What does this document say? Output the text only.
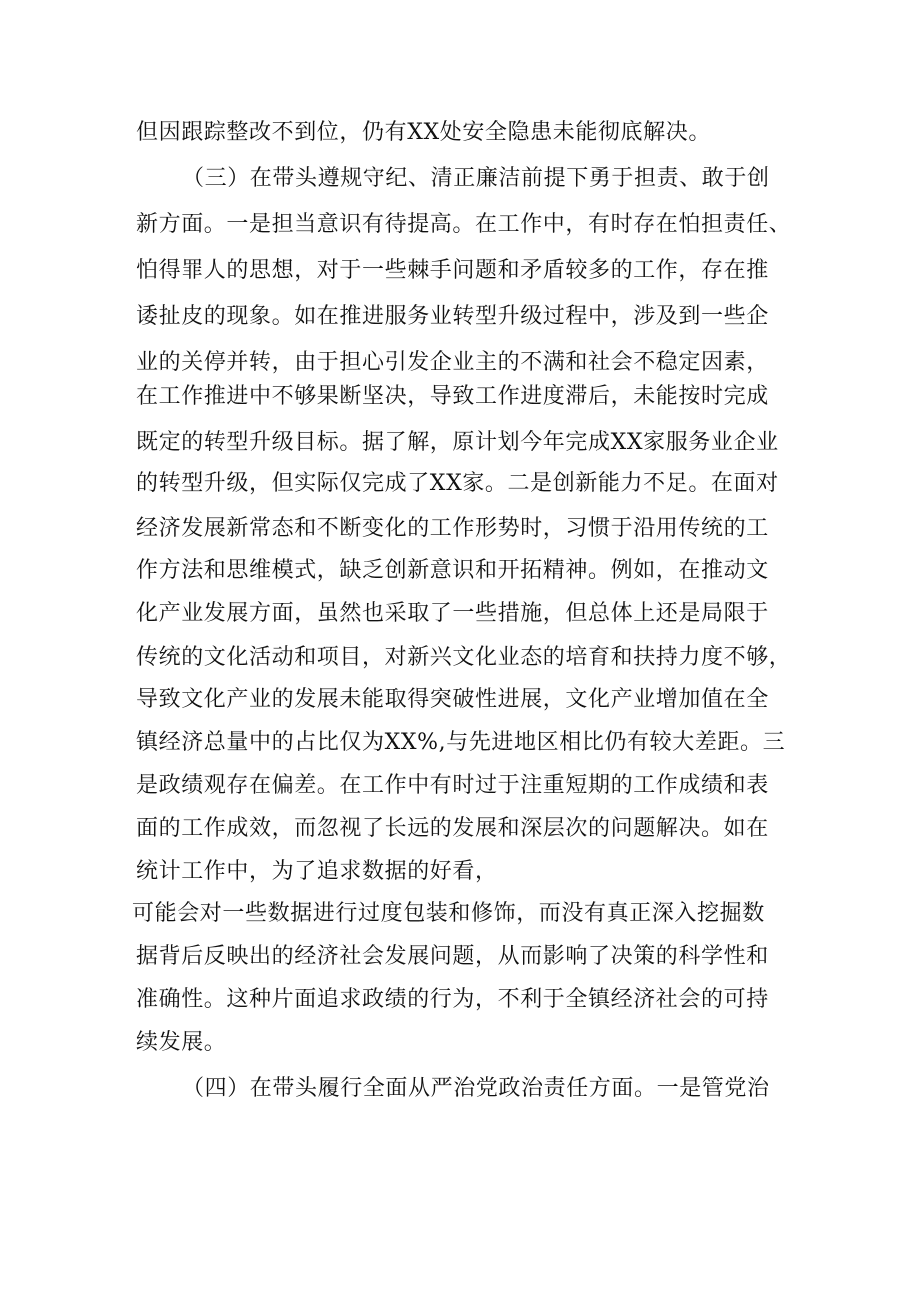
但因跟踪整改不到位，仍有XX处安全隐患未能彻底解决。
（三）在带头遵规守纪、清正廉洁前提下勇于担责、敢于创
新方面。一是担当意识有待提高。在工作中，有时存在怕担责任、
怕得罪人的思想，对于一些棘手问题和矛盾较多的工作，存在推
诿扯皮的现象。如在推进服务业转型升级过程中，涉及到一些企
业的关停并转，由于担心引发企业主的不满和社会不稳定因素，
在工作推进中不够果断坚决，导致工作进度滞后，未能按时完成
既定的转型升级目标。据了解，原计划今年完成XX家服务业企业
的转型升级，但实际仅完成了XX家。二是创新能力不足。在面对
经济发展新常态和不断变化的工作形势时，习惯于沿用传统的工
作方法和思维模式，缺乏创新意识和开拓精神。例如，在推动文
化产业发展方面，虽然也采取了一些措施，但总体上还是局限于
传统的文化活动和项目，对新兴文化业态的培育和扶持力度不够，
导致文化产业的发展未能取得突破性进展，文化产业增加值在全
镇经济总量中的占比仅为XX%,与先进地区相比仍有较大差距。三
是政绩观存在偏差。在工作中有时过于注重短期的工作成绩和表
面的工作成效，而忽视了长远的发展和深层次的问题解决。如在
统计工作中，为了追求数据的好看，
可能会对一些数据进行过度包装和修饰，而没有真正深入挖掘数
据背后反映出的经济社会发展问题，从而影响了决策的科学性和
准确性。这种片面追求政绩的行为，不利于全镇经济社会的可持
续发展。
（四）在带头履行全面从严治党政治责任方面。一是管党治
